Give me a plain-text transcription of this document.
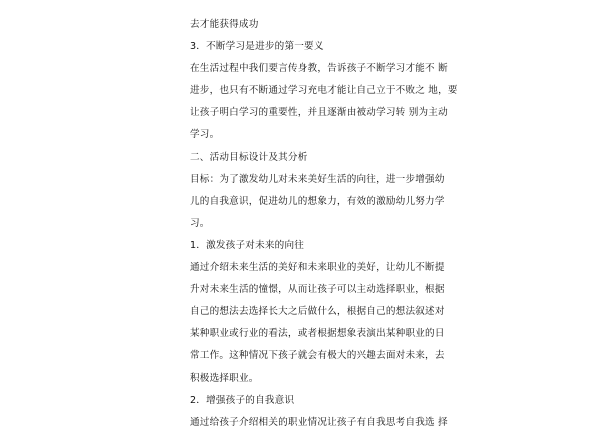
去才能获得成功
3．不断学习是进步的第一要义
在生活过程中我们要言传身教，告诉孩子不断学习才能不 断
进步，也只有不断通过学习充电才能让自己立于不败之 地，要
让孩子明白学习的重要性，并且逐渐由被动学习转 别为主动
学习。
二、活动目标设计及其分析
目标：为了激发幼儿对未来美好生活的向往，进一步增强幼
儿的自我意识，促进幼儿的想象力，有效的激励幼儿努力学
习。
1．激发孩子对未来的向往
通过介绍未来生活的美好和未来职业的美好，让幼儿不断提
升对未来生活的憧憬，从而让孩子可以主动选择职业，根据
自己的想法去选择长大之后做什么，根据自己的想法叙述对
某种职业或行业的看法，或者根据想象表演出某种职业的日
常工作。这种情况下孩子就会有极大的兴趣去面对未来，去
积极选择职业。
2．增强孩子的自我意识
通过给孩子介绍相关的职业情况让孩子有自我思考自我选 择
